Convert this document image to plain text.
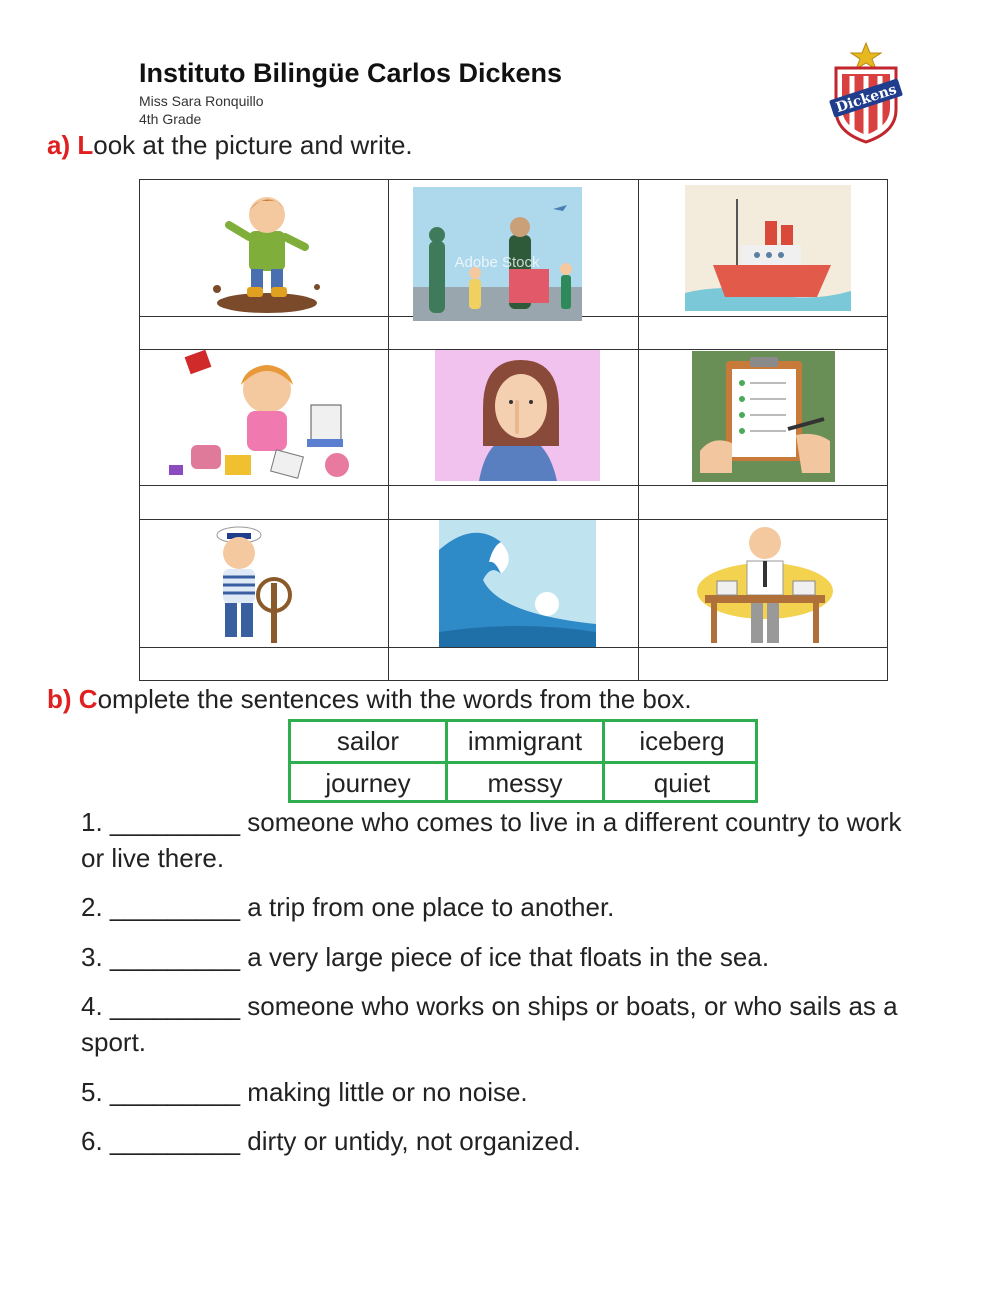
Instituto Bilingüe Carlos Dickens
Miss Sara Ronquillo
4th Grade
Dickens
a) Look at the picture and write.
Adobe Stock
b) Complete the sentences with the words from the box.
sailor	immigrant	iceberg
journey	messy	quiet
1. _________ someone who comes to live in a different country to work or live there.
2. _________ a trip from one place to another.
3. _________ a very large piece of ice that floats in the sea.
4. _________ someone who works on ships or boats, or who sails as a sport.
5. _________ making little or no noise.
6. _________ dirty or untidy, not organized.
